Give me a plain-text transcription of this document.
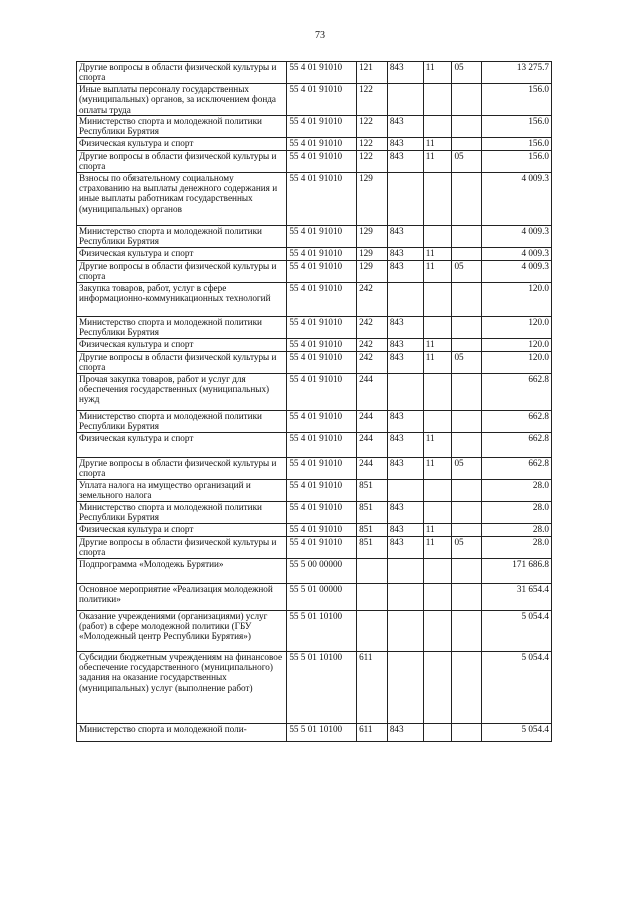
73
Другие вопросы в области физической культуры и спорта	55 4 01 91010	121	843	11	05	13 275.7
Иные выплаты персоналу государственных (муниципальных) органов, за исключением фонда оплаты труда	55 4 01 91010	122				156.0
Министерство спорта и молодежной политики Республики Бурятия	55 4 01 91010	122	843			156.0
Физическая культура и спорт	55 4 01 91010	122	843	11		156.0
Другие вопросы в области физической культуры и спорта	55 4 01 91010	122	843	11	05	156.0
Взносы по обязательному социальному страхованию на выплаты денежного содержания и иные выплаты работникам государственных (муниципальных) органов	55 4 01 91010	129				4 009.3
Министерство спорта и молодежной политики Республики Бурятия	55 4 01 91010	129	843			4 009.3
Физическая культура и спорт	55 4 01 91010	129	843	11		4 009.3
Другие вопросы в области физической культуры и спорта	55 4 01 91010	129	843	11	05	4 009.3
Закупка товаров, работ, услуг в сфере информационно-коммуникационных технологий	55 4 01 91010	242				120.0
Министерство спорта и молодежной политики Республики Бурятия	55 4 01 91010	242	843			120.0
Физическая культура и спорт	55 4 01 91010	242	843	11		120.0
Другие вопросы в области физической культуры и спорта	55 4 01 91010	242	843	11	05	120.0
Прочая закупка товаров, работ и услуг для обеспечения государственных (муниципальных) нужд	55 4 01 91010	244				662.8
Министерство спорта и молодежной политики Республики Бурятия	55 4 01 91010	244	843			662.8
Физическая культура и спорт	55 4 01 91010	244	843	11		662.8
Другие вопросы в области физической культуры и спорта	55 4 01 91010	244	843	11	05	662.8
Уплата налога на имущество организаций и земельного налога	55 4 01 91010	851				28.0
Министерство спорта и молодежной политики Республики Бурятия	55 4 01 91010	851	843			28.0
Физическая культура и спорт	55 4 01 91010	851	843	11		28.0
Другие вопросы в области физической культуры и спорта	55 4 01 91010	851	843	11	05	28.0
Подпрограмма «Молодежь Бурятии»	55 5 00 00000					171 686.8
Основное мероприятие «Реализация молодежной политики»	55 5 01 00000					31 654.4
Оказание учреждениями (организациями) услуг (работ) в сфере молодежной политики (ГБУ «Молодежный центр Республики Бурятия»)	55 5 01 10100					5 054.4
Субсидии бюджетным учреждениям на финансовое обеспечение государственного (муниципального) задания на оказание государственных (муниципальных) услуг (выполнение работ)	55 5 01 10100	611				5 054.4
Министерство спорта и молодежной поли-	55 5 01 10100	611	843			5 054.4
